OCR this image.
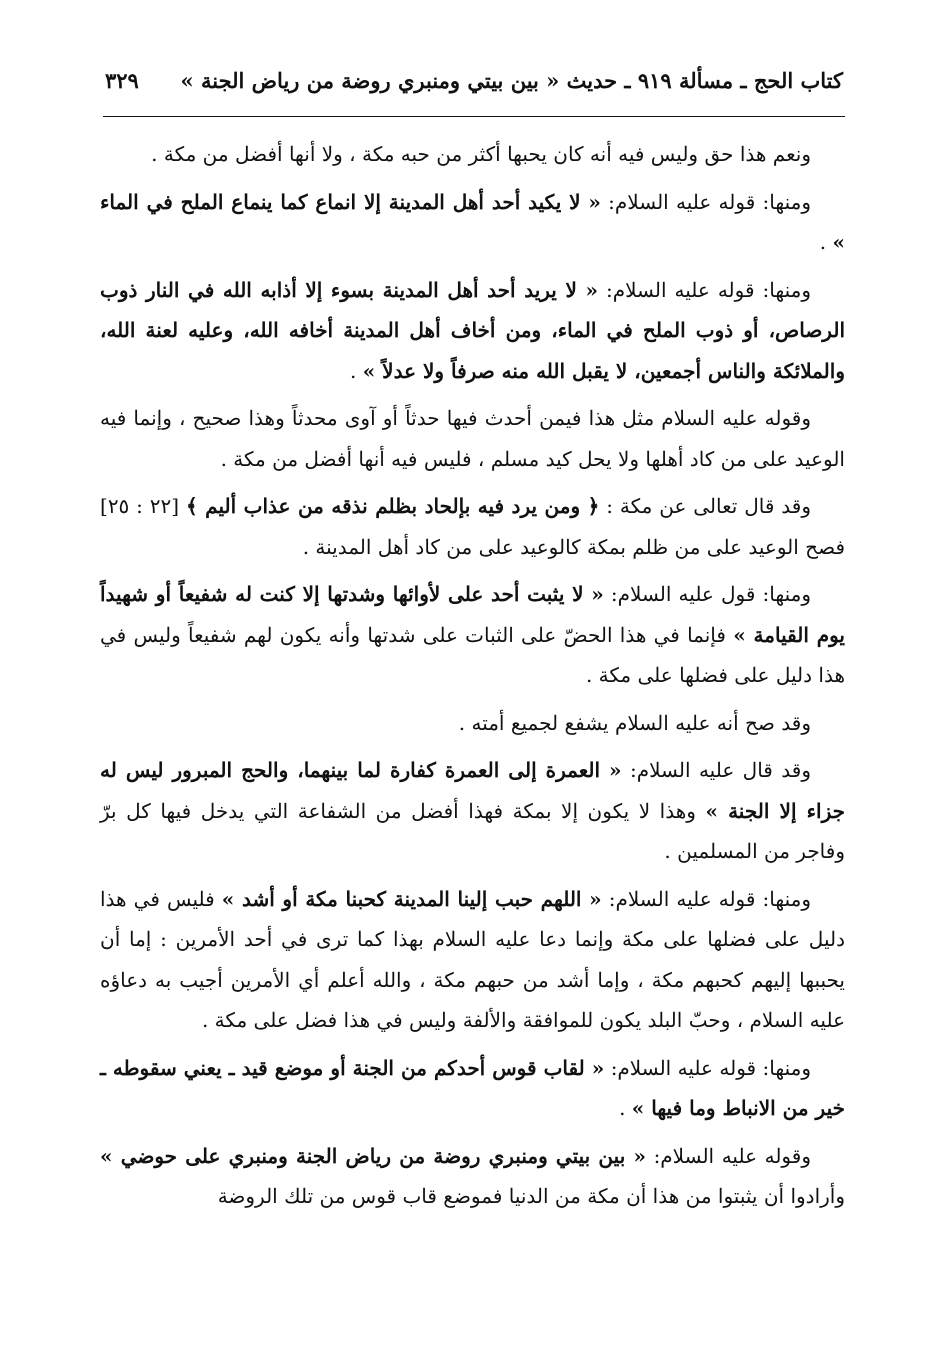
كتاب الحج ـ مسألة ٩١٩ ـ حديث « بين بيتي ومنبري روضة من رياض الجنة »
٣٢٩

ونعم هذا حق وليس فيه أنه كان يحبها أكثر من حبه مكة ، ولا أنها أفضل من مكة .

ومنها: قوله عليه السلام: « لا يكيد أحد أهل المدينة إلا انماع كما ينماع الملح في الماء » .

ومنها: قوله عليه السلام: « لا يريد أحد أهل المدينة بسوء إلا أذابه الله في النار ذوب الرصاص، أو ذوب الملح في الماء، ومن أخاف أهل المدينة أخافه الله، وعليه لعنة الله، والملائكة والناس أجمعين، لا يقبل الله منه صرفاً ولا عدلاً » .

وقوله عليه السلام مثل هذا فيمن أحدث فيها حدثاً أو آوى محدثاً وهذا صحيح ، وإنما فيه الوعيد على من كاد أهلها ولا يحل كيد مسلم ، فليس فيه أنها أفضل من مكة .

وقد قال تعالى عن مكة : ﴿ ومن يرد فيه بإلحاد بظلم نذقه من عذاب أليم ﴾ [٢٢ : ٢٥] فصح الوعيد على من ظلم بمكة كالوعيد على من كاد أهل المدينة .

ومنها: قول عليه السلام: « لا يثبت أحد على لأوائها وشدتها إلا كنت له شفيعاً أو شهيداً يوم القيامة » فإنما في هذا الحضّ على الثبات على شدتها وأنه يكون لهم شفيعاً وليس في هذا دليل على فضلها على مكة .

وقد صح أنه عليه السلام يشفع لجميع أمته .

وقد قال عليه السلام: « العمرة إلى العمرة كفارة لما بينهما، والحج المبرور ليس له جزاء إلا الجنة » وهذا لا يكون إلا بمكة فهذا أفضل من الشفاعة التي يدخل فيها كل برّ وفاجر من المسلمين .

ومنها: قوله عليه السلام: « اللهم حبب إلينا المدينة كحبنا مكة أو أشد » فليس في هذا دليل على فضلها على مكة وإنما دعا عليه السلام بهذا كما ترى في أحد الأمرين : إما أن يحببها إليهم كحبهم مكة ، وإما أشد من حبهم مكة ، والله أعلم أي الأمرين أجيب به دعاؤه عليه السلام ، وحبّ البلد يكون للموافقة والألفة وليس في هذا فضل على مكة .

ومنها: قوله عليه السلام: « لقاب قوس أحدكم من الجنة أو موضع قيد ـ يعني سقوطه ـ خير من الانباط وما فيها » .

وقوله عليه السلام: « بين بيتي ومنبري روضة من رياض الجنة ومنبري على حوضي » وأرادوا أن يثبتوا من هذا أن مكة من الدنيا فموضع قاب قوس من تلك الروضة
